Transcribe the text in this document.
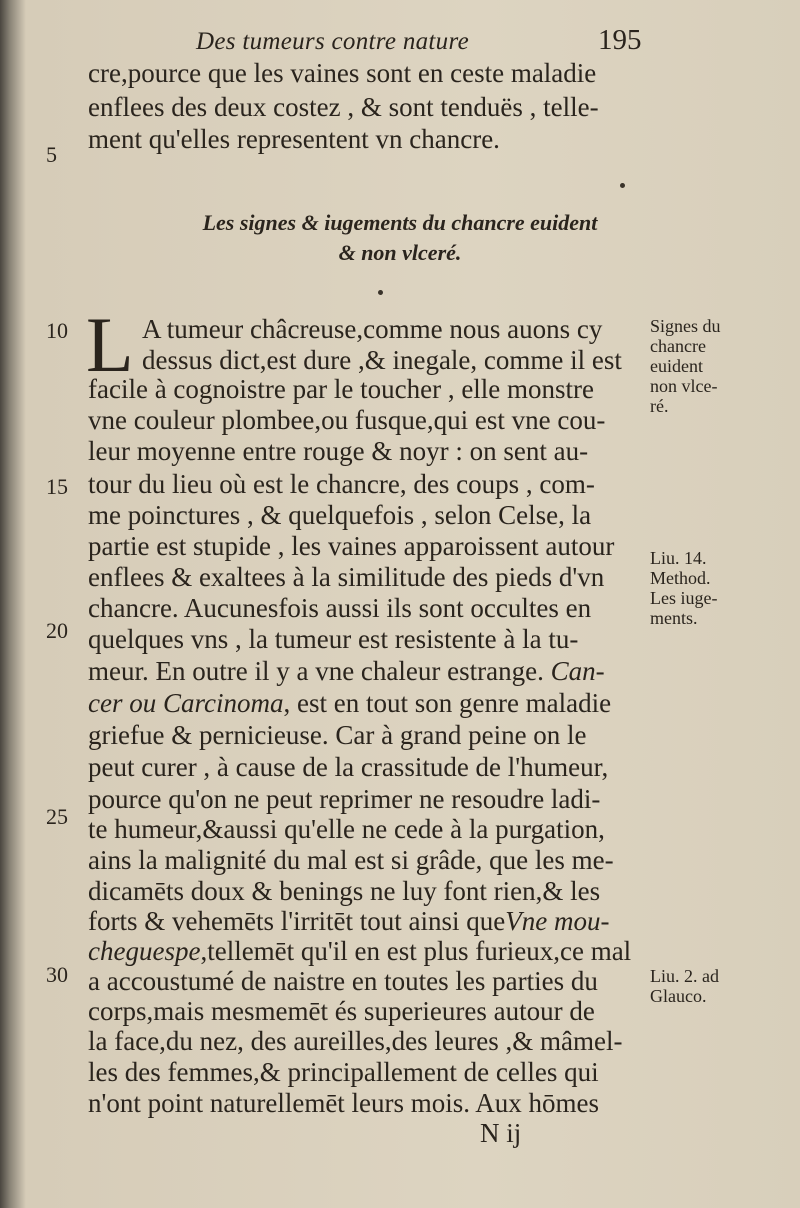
Des tumeurs contre nature	195
cre,pource que les vaines sont en ceste maladie
enflees des deux costez , & sont tenduës , telle-
ment qu'elles representent vn chancre.
5
Les signes & iugements du chancre euident
& non vlceré.
L
10	A tumeur châcreuse,comme nous auons cy
dessus dict,est dure ,& inegale, comme il est
facile à cognoistre par le toucher , elle monstre
vne couleur plombee,ou fusque,qui est vne cou-
leur moyenne entre rouge & noyr : on sent au-
15 tour du lieu où est le chancre, des coups , com-
me poinctures , & quelquefois , selon Celse, la
partie est stupide , les vaines apparoissent autour
enflees & exaltees à la similitude des pieds d'vn
chancre. Aucunesfois aussi ils sont occultes en
20 quelques vns , la tumeur est resistente à la tu-
meur. En outre il y a vne chaleur estrange. Can-
cer ou Carcinoma, est en tout son genre maladie
griefue & pernicieuse. Car à grand peine on le
peut curer , à cause de la crassitude de l'humeur,
pource qu'on ne peut reprimer ne resoudre ladi-
25 te humeur,&aussi qu'elle ne cede à la purgation,
ains la malignité du mal est si grâde, que les me-
dicamēts doux & benings ne luy font rien,& les
forts & vehemēts l'irritēt tout ainsi queVne mou-
cheguespe,tellemēt qu'il en est plus furieux,ce mal
30 a accoustumé de naistre en toutes les parties du
corps,mais mesmemēt és superieures autour de
la face,du nez, des aureilles,des leures ,& mâmel-
les des femmes,& principallement de celles qui
n'ont point naturellemēt leurs mois. Aux hōmes
Signes du
chancre
euident
non vlce-
ré.
Liu. 14.
Method.
Les iuge-
ments.
Liu. 2. ad
Glauco.
N ij
